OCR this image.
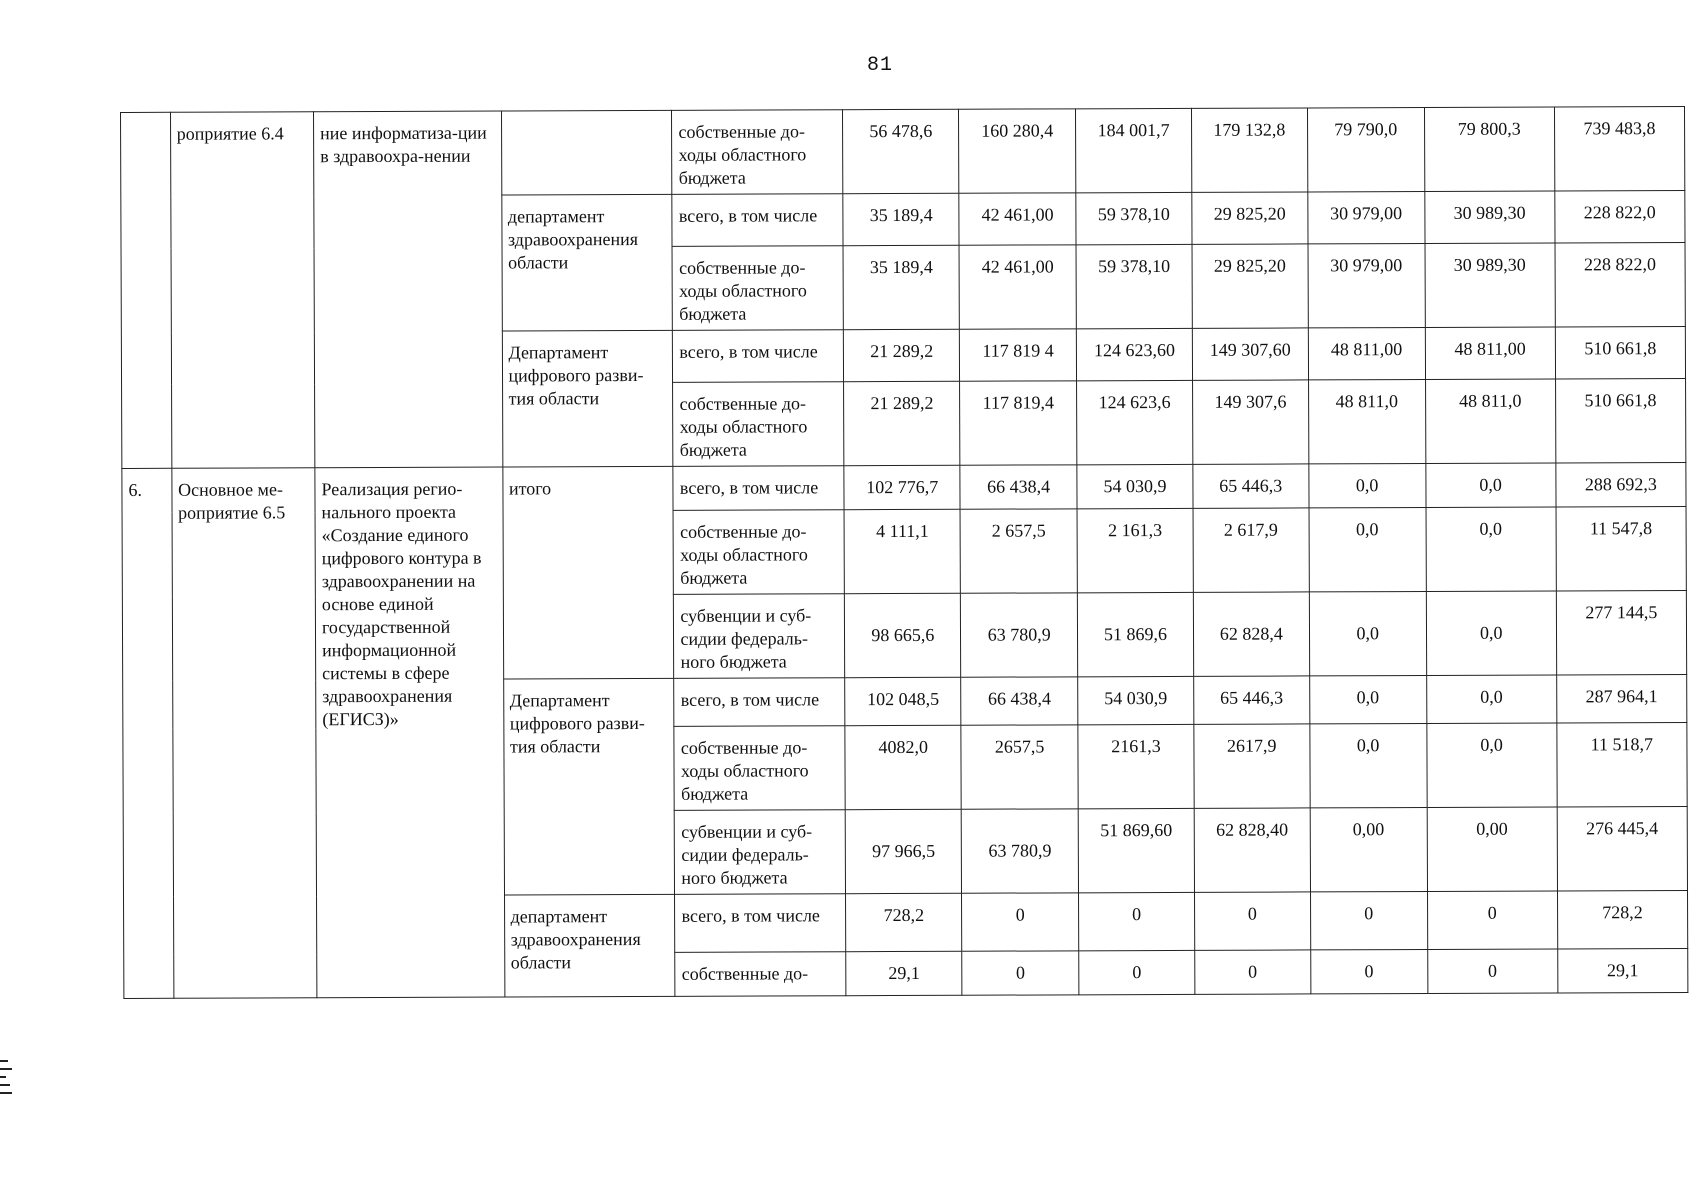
81
	роприятие 6.4	ние информатиза-ции в здравоохра-нении		собственные до-ходы областного бюджета	56 478,6	160 280,4	184 001,7	179 132,8	79 790,0	79 800,3	739 483,8
			департамент здравоохранения области	всего, в том числе	35 189,4	42 461,00	59 378,10	29 825,20	30 979,00	30 989,30	228 822,0
				собственные до-ходы областного бюджета	35 189,4	42 461,00	59 378,10	29 825,20	30 979,00	30 989,30	228 822,0
			Департамент цифрового разви-тия области	всего, в том числе	21 289,2	117 819 4	124 623,60	149 307,60	48 811,00	48 811,00	510 661,8
				собственные до-ходы областного бюджета	21 289,2	117 819,4	124 623,6	149 307,6	48 811,0	48 811,0	510 661,8
6.	Основное ме-роприятие 6.5	Реализация регио-нального проекта «Создание единого цифрового контура в здравоохранении на основе единой государственной информационной системы в сфере здравоохранения (ЕГИСЗ)»	итого	всего, в том числе	102 776,7	66 438,4	54 030,9	65 446,3	0,0	0,0	288 692,3
				собственные до-ходы областного бюджета	4 111,1	2 657,5	2 161,3	2 617,9	0,0	0,0	11 547,8
				субвенции и суб-сидии федераль-ного бюджета	98 665,6	63 780,9	51 869,6	62 828,4	0,0	0,0	277 144,5
			Департамент цифрового разви-тия области	всего, в том числе	102 048,5	66 438,4	54 030,9	65 446,3	0,0	0,0	287 964,1
				собственные до-ходы областного бюджета	4082,0	2657,5	2161,3	2617,9	0,0	0,0	11 518,7
				субвенции и суб-сидии федераль-ного бюджета	97 966,5	63 780,9	51 869,60	62 828,40	0,00	0,00	276 445,4
			департамент здравоохранения области	всего, в том числе	728,2	0	0	0	0	0	728,2
				собственные до-	29,1	0	0	0	0	0	29,1
